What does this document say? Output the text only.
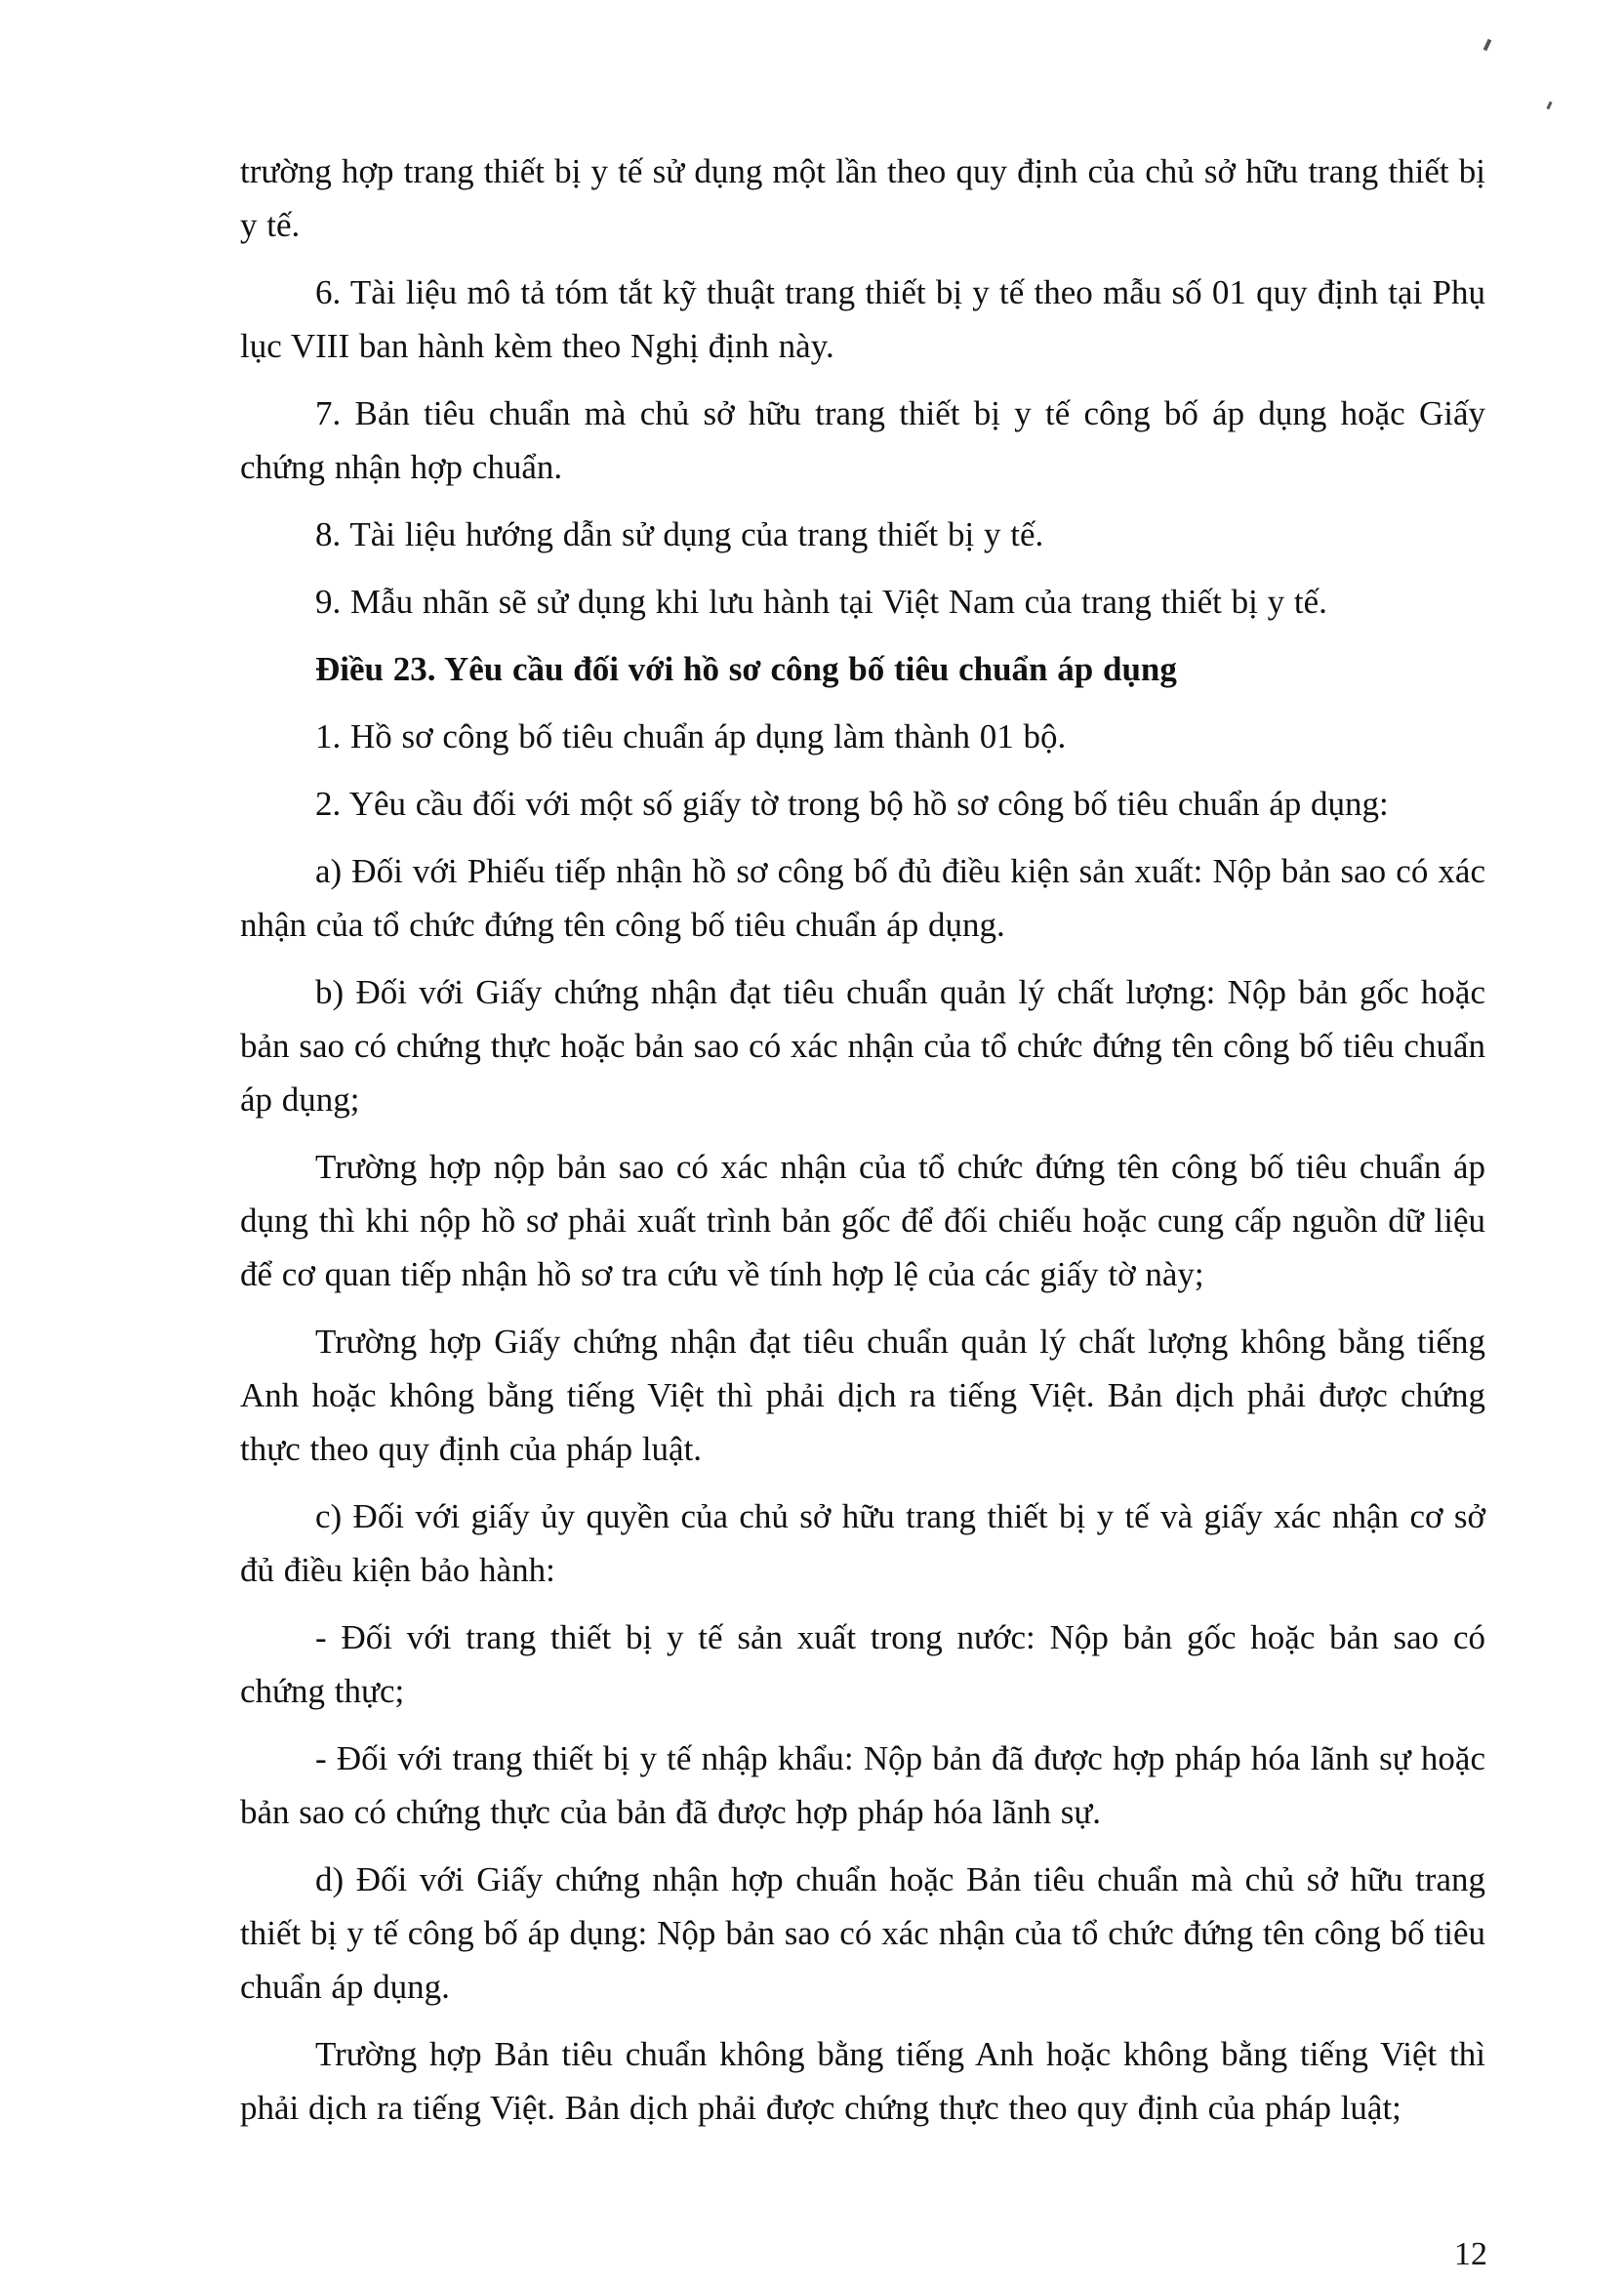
trường hợp trang thiết bị y tế sử dụng một lần theo quy định của chủ sở hữu trang thiết bị y tế.

6. Tài liệu mô tả tóm tắt kỹ thuật trang thiết bị y tế theo mẫu số 01 quy định tại Phụ lục VIII ban hành kèm theo Nghị định này.

7. Bản tiêu chuẩn mà chủ sở hữu trang thiết bị y tế công bố áp dụng hoặc Giấy chứng nhận hợp chuẩn.

8. Tài liệu hướng dẫn sử dụng của trang thiết bị y tế.

9. Mẫu nhãn sẽ sử dụng khi lưu hành tại Việt Nam của trang thiết bị y tế.

Điều 23. Yêu cầu đối với hồ sơ công bố tiêu chuẩn áp dụng

1. Hồ sơ công bố tiêu chuẩn áp dụng làm thành 01 bộ.

2. Yêu cầu đối với một số giấy tờ trong bộ hồ sơ công bố tiêu chuẩn áp dụng:

a) Đối với Phiếu tiếp nhận hồ sơ công bố đủ điều kiện sản xuất: Nộp bản sao có xác nhận của tổ chức đứng tên công bố tiêu chuẩn áp dụng.

b) Đối với Giấy chứng nhận đạt tiêu chuẩn quản lý chất lượng: Nộp bản gốc hoặc bản sao có chứng thực hoặc bản sao có xác nhận của tổ chức đứng tên công bố tiêu chuẩn áp dụng;

Trường hợp nộp bản sao có xác nhận của tổ chức đứng tên công bố tiêu chuẩn áp dụng thì khi nộp hồ sơ phải xuất trình bản gốc để đối chiếu hoặc cung cấp nguồn dữ liệu để cơ quan tiếp nhận hồ sơ tra cứu về tính hợp lệ của các giấy tờ này;

Trường hợp Giấy chứng nhận đạt tiêu chuẩn quản lý chất lượng không bằng tiếng Anh hoặc không bằng tiếng Việt thì phải dịch ra tiếng Việt. Bản dịch phải được chứng thực theo quy định của pháp luật.

c) Đối với giấy ủy quyền của chủ sở hữu trang thiết bị y tế và giấy xác nhận cơ sở đủ điều kiện bảo hành:

- Đối với trang thiết bị y tế sản xuất trong nước: Nộp bản gốc hoặc bản sao có chứng thực;

- Đối với trang thiết bị y tế nhập khẩu: Nộp bản đã được hợp pháp hóa lãnh sự hoặc bản sao có chứng thực của bản đã được hợp pháp hóa lãnh sự.

d) Đối với Giấy chứng nhận hợp chuẩn hoặc Bản tiêu chuẩn mà chủ sở hữu trang thiết bị y tế công bố áp dụng: Nộp bản sao có xác nhận của tổ chức đứng tên công bố tiêu chuẩn áp dụng.

Trường hợp Bản tiêu chuẩn không bằng tiếng Anh hoặc không bằng tiếng Việt thì phải dịch ra tiếng Việt. Bản dịch phải được chứng thực theo quy định của pháp luật;

12
